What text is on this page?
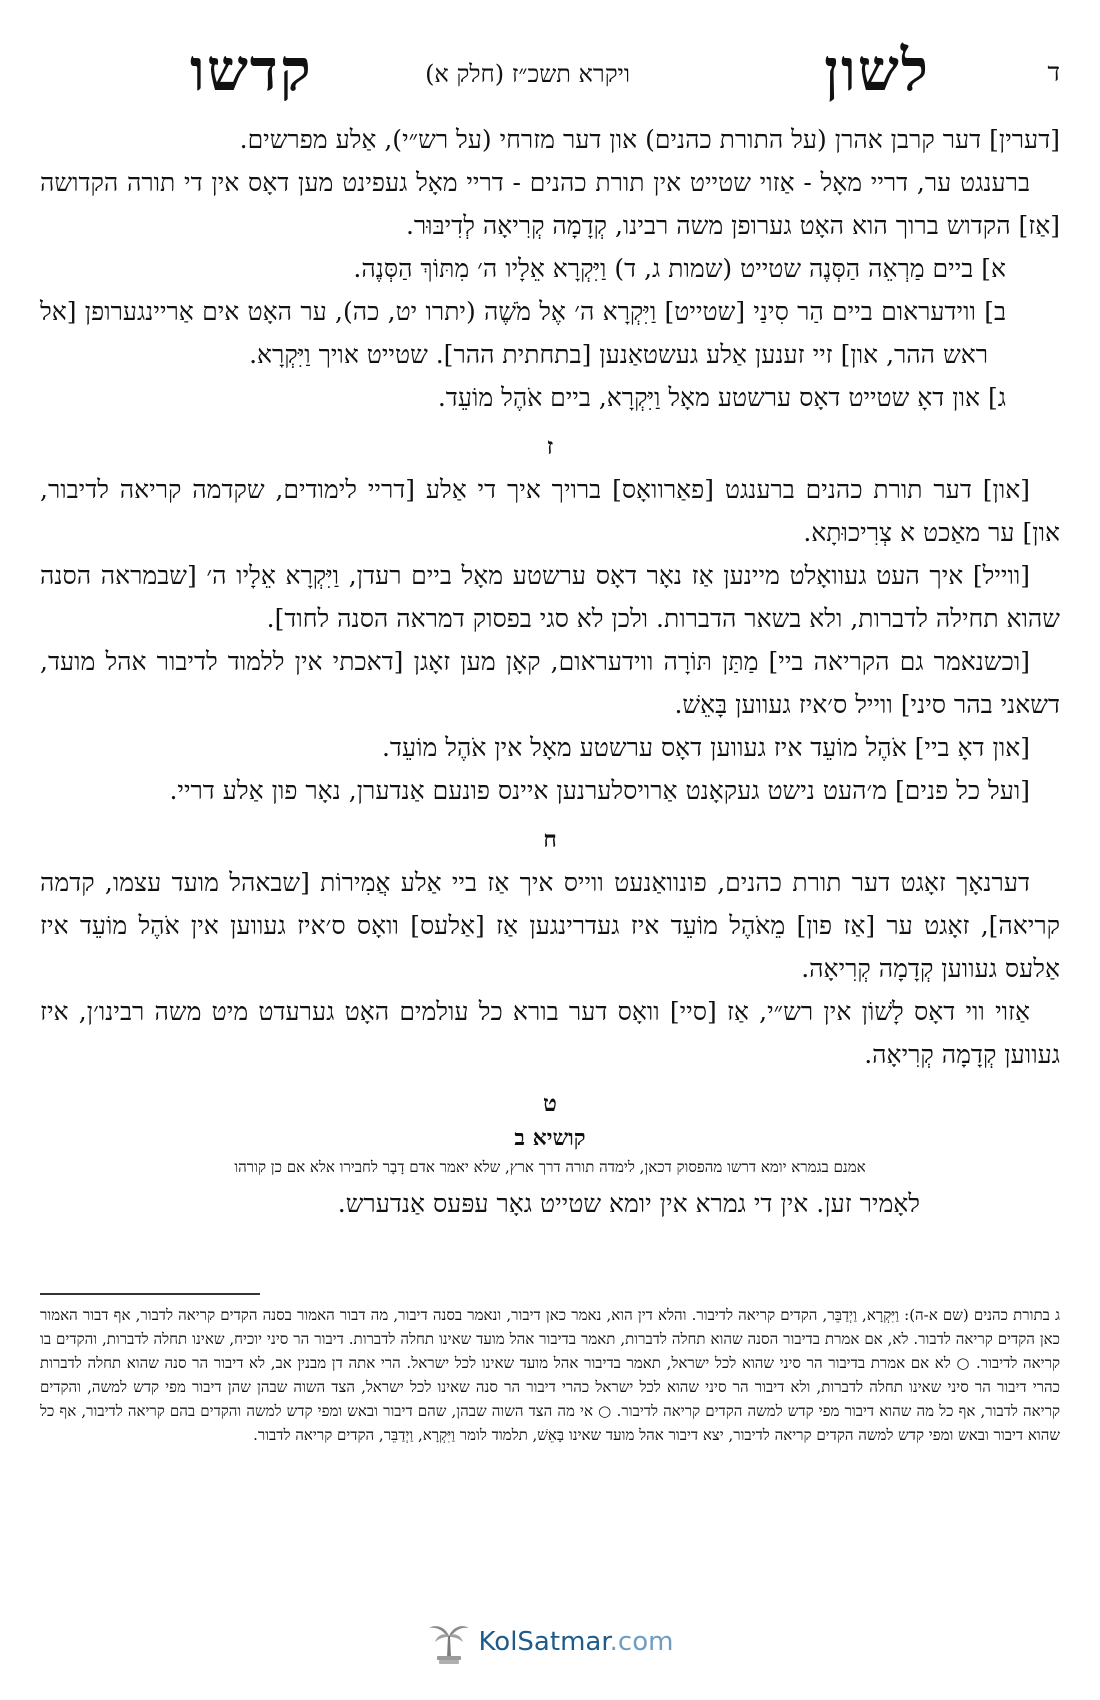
ד
לשון
ויקרא תשכ״ז (חלק א)
קדשו

[דערין] דער קרבן אהרן (על התורת כהנים) און דער מזרחי (על רש״י), אַלע מפרשים.

ברענגט ער, דריי מאָל - אַזוי שטייט אין תורת כהנים - דריי מאָל געפינט מען דאָס אין די תורה הקדושה [אַז] הקדוש ברוך הוא האָט גערופן משה רבינו, קְדָמָה קְרִיאָה לְדִיבּוּר.

א] ביים מַרְאֵה הַסְּנֶה שטייט (שמות ג, ד) וַיִּקְרָא אֵלָיו ה׳ מִתּוֹךְ הַסְּנֶה.

ב] ווידעראום ביים הַר סִינַי [שטייט] וַיִּקְרָא ה׳ אֶל מֹשֶׁה (יתרו יט, כה), ער האָט אים אַריינגערופן [אל ראש ההר, און] זיי זענען אַלע געשטאַנען [בתחתית ההר]. שטייט אויך וַיִּקְרָא.

ג] און דאָ שטייט דאָס ערשטע מאָל וַיִּקְרָא, ביים אֹהֶל מוֹעֵד.

ז

[און] דער תורת כהנים ברענגט [פאַרוואָס] ברויך איך די אַלע [דריי לימודים, שקדמה קריאה לדיבור, און] ער מאַכט א צְרִיכוּתָא.

[ווייל] איך העט געוואָלט מיינען אַז נאָר דאָס ערשטע מאָל ביים רעדן, וַיִּקְרָא אֵלָיו ה׳ [שבמראה הסנה שהוא תחילה לדברות, ולא בשאר הדברות. ולכן לא סגי בפסוק דמראה הסנה לחוד].

[וכשנאמר גם הקריאה ביי] מַתַּן תּוֹרָה ווידעראום, קאָן מען זאָגן [דאכתי אין ללמוד לדיבור אהל מועד, דשאני בהר סיני] ווייל ס׳איז געווען בָּאֵשׁ.

[און דאָ ביי] אֹהֶל מוֹעֵד איז געווען דאָס ערשטע מאָל אין אֹהֶל מוֹעֵד.

[ועל כל פנים] מ׳העט נישט געקאָנט אַרויסלערנען איינס פונעם אַנדערן, נאָר פון אַלע דריי.

ח

דערנאָך זאָגט דער תורת כהנים, פונוואַנעט ווייס איך אַז ביי אַלע אֲמִירוֹת [שבאהל מועד עצמו, קדמה קריאה], זאָגט ער [אַז פון] מֵאֹהֶל מוֹעֵד איז געדרינגען אַז [אַלעס] וואָס ס׳איז געווען אין אֹהֶל מוֹעֵד איז אַלעס געווען קְדָמָה קְרִיאָה.

אַזוי ווי דאָס לָשׁוֹן אין רש״י, אַז [סיי] וואָס דער בורא כל עולמים האָט גערעדט מיט משה רבינו׳ן, איז געווען קְדָמָה קְרִיאָה.

ט
קושיא ב

אמנם בגמרא יומא דרשו מהפסוק דכאן, לימדה תורה דרך ארץ, שלא יאמר אדם דָבָר לחבירו אלא אם כן קורהו

לאָמיר זען. אין די גמרא אין יומא שטייט גאָר עפּעס אַנדערש.

ג בתורת כהנים (שם א-ה): וַיִּקְרָא, וַיְדַבֵּר, הקדים קריאה לדיבור. והלא דין הוא, נאמר כאן דיבור, ונאמר בסנה דיבור, מה דבור האמור בסנה הקדים קריאה לדבור, אף דבור האמור כאן הקדים קריאה לדבור. לא, אם אמרת בדיבור הסנה שהוא תחלה לדברות, תאמר בדיבור אהל מועד שאינו תחלה לדברות. דיבור הר סיני יוכיח, שאינו תחלה לדברות, והקדים בו קריאה לדיבור. ○ לא אם אמרת בדיבור הר סיני שהוא לכל ישראל, תאמר בדיבור אהל מועד שאינו לכל ישראל. הרי אתה דן מבנין אב, לא דיבור הר סנה שהוא תחלה לדברות כהרי דיבור הר סיני שאינו תחלה לדברות, ולא דיבור הר סיני שהוא לכל ישראל כהרי דיבור הר סנה שאינו לכל ישראל, הצד השוה שבהן שהן דיבור מפי קדש למשה, והקדים קריאה לדבור, אף כל מה שהוא דיבור מפי קדש למשה הקדים קריאה לדיבור. ○ אי מה הצד השוה שבהן, שהם דיבור ובאש ומפי קדש למשה והקדים בהם קריאה לדיבור, אף כל שהוא דיבור ובאש ומפי קדש למשה הקדים קריאה לדיבור, יצא דיבור אהל מועד שאינו בָּאֵשׁ, תלמוד לומר וַיִּקְרָא, וַיְדַבֵּר, הקדים קריאה לדבור.
KolSatmar.com
